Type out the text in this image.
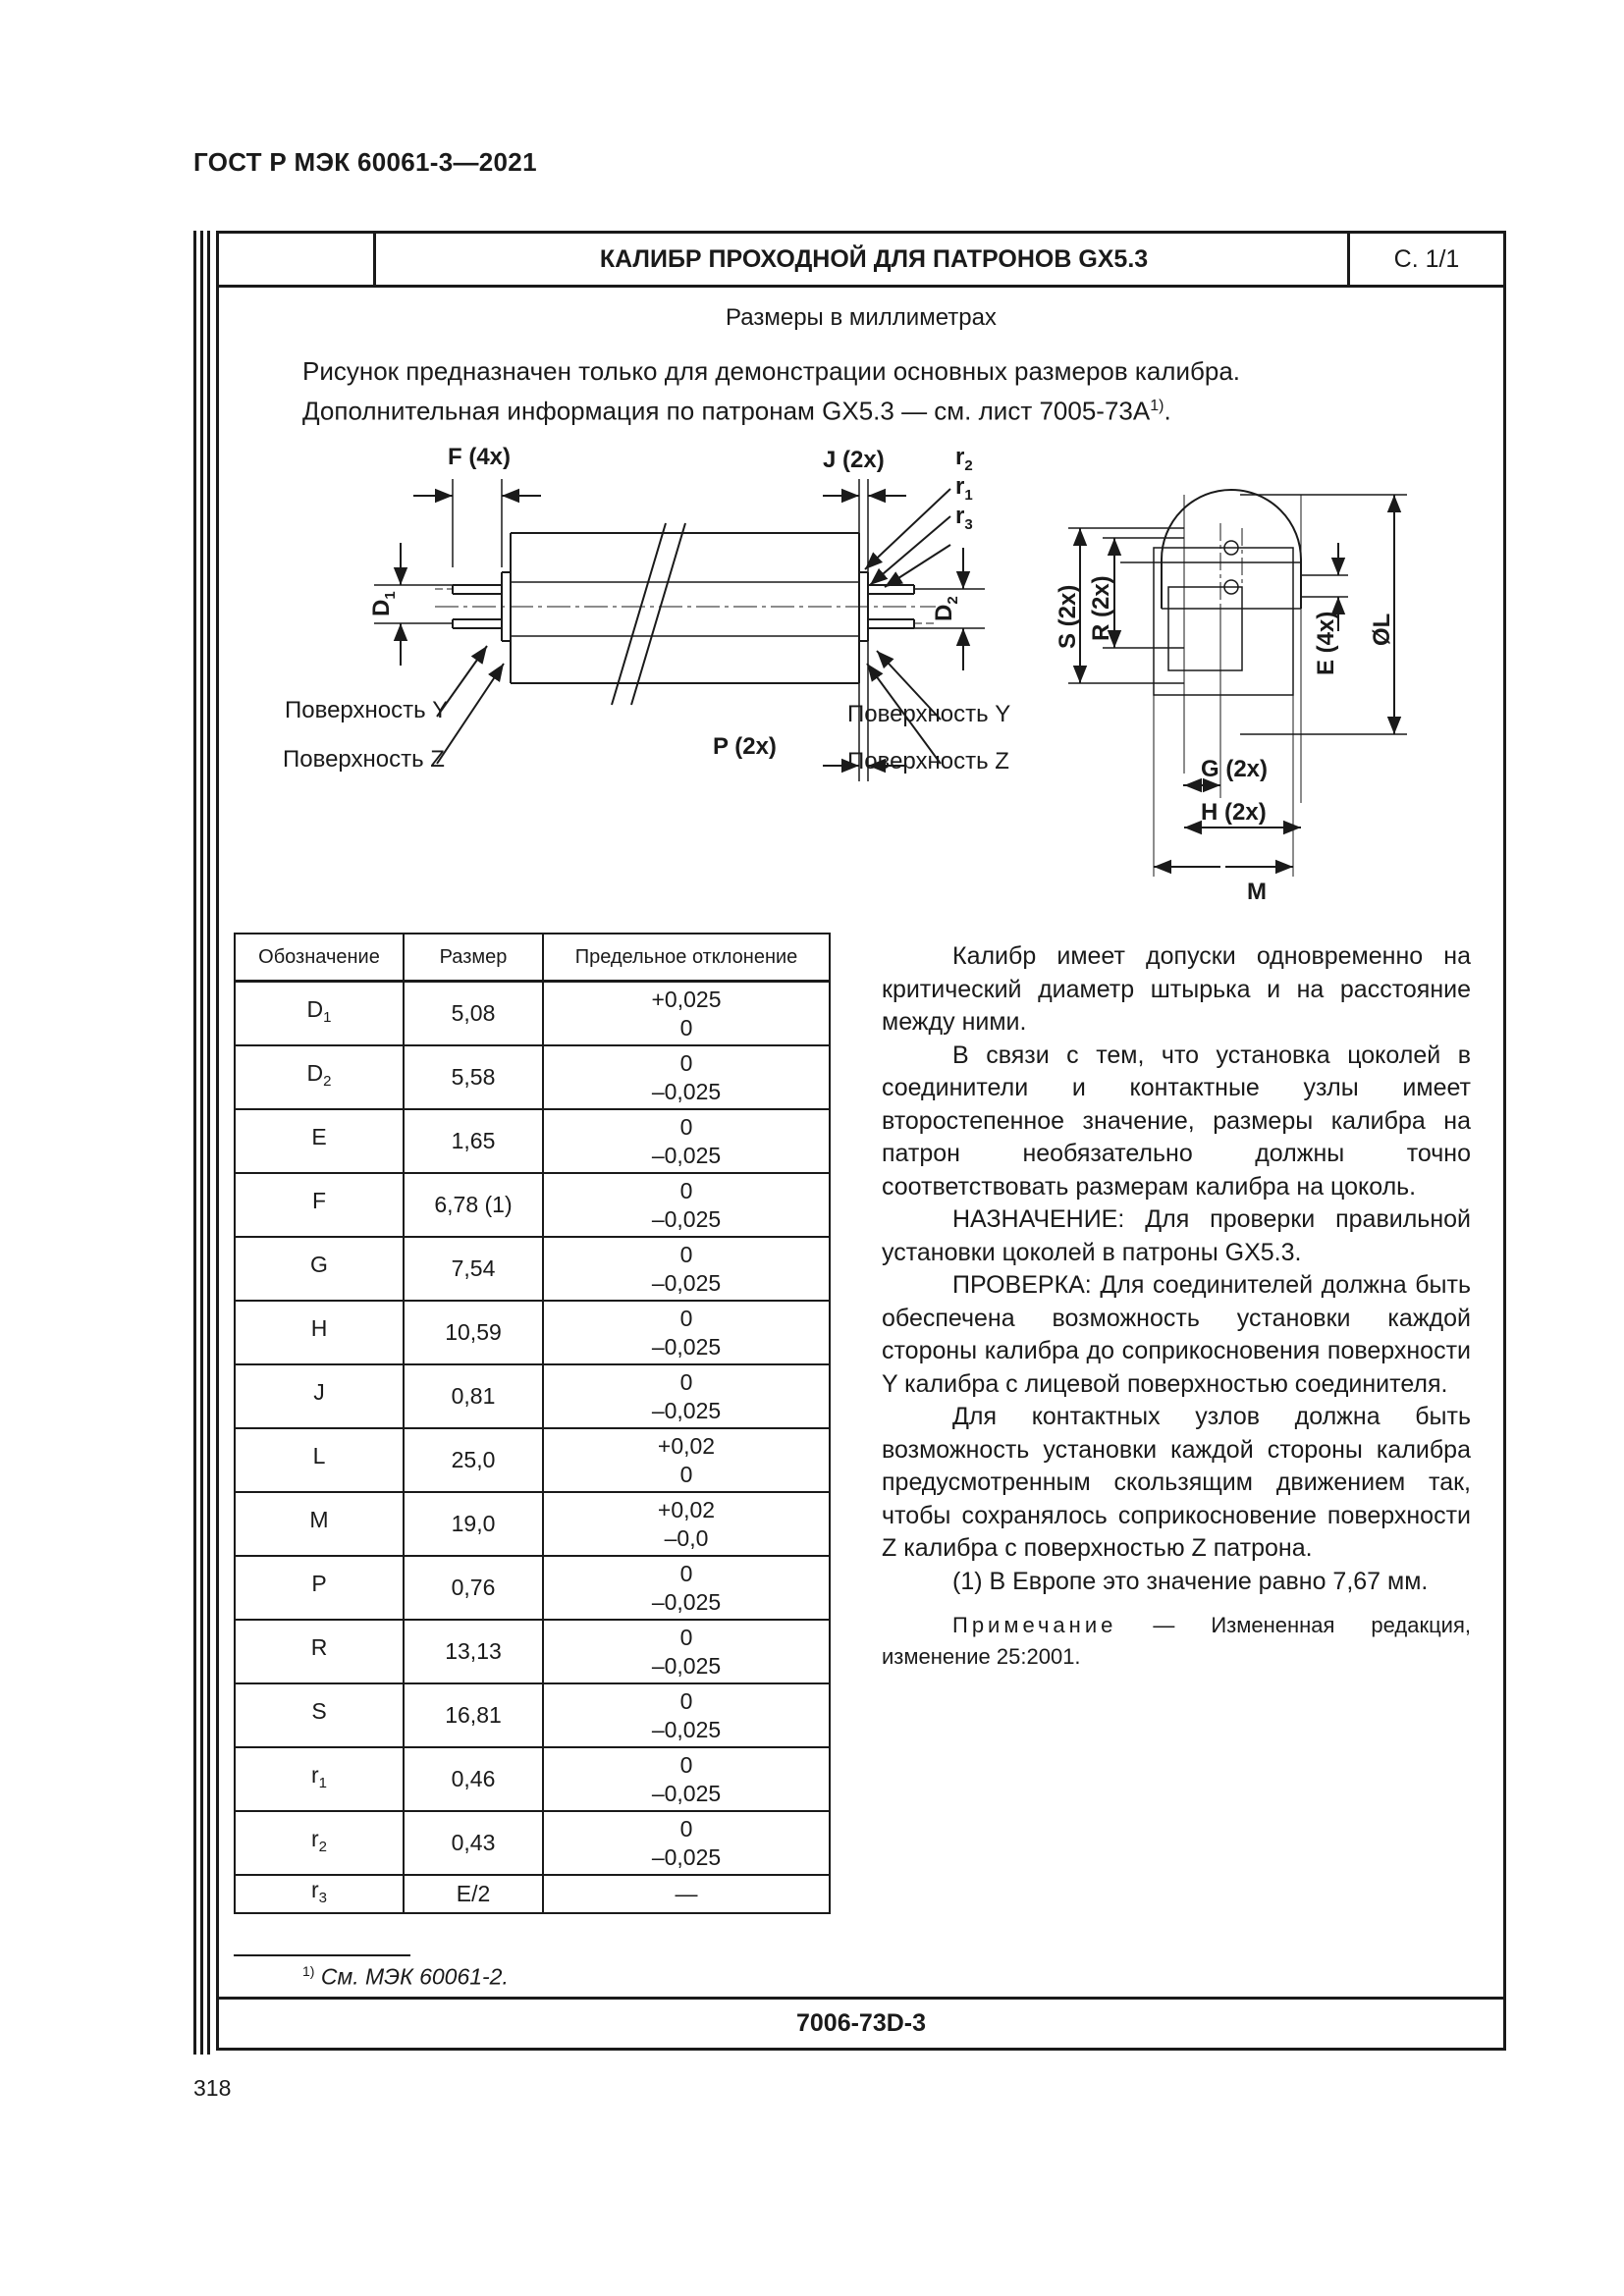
ГОСТ Р МЭК 60061-3—2021
КАЛИБР ПРОХОДНОЙ ДЛЯ ПАТРОНОВ GX5.3	С. 1/1
Размеры в миллиметрах
Рисунок предназначен только для демонстрации основных размеров калибра.
Дополнительная информация по патронам GX5.3 — см. лист $7005-73A^{1)}$.
F (4x)	J (2x)	$r_2$
$r_1$
$r_3$
$D_1$
$D_2$
Поверхность Y
Поверхность Z
Поверхность Y
Поверхность Z
P (2x)
S (2x) R (2x)
E (4x) ØL
G (2x)
H (2x)
M
Обозначение	Размер	Предельное отклонение
$D_1$	5,08	+0,025
0

$D_2$	5,58	0
–0,025

E	1,65	0
–0,025

F	6,78 (1)	0
–0,025

G	7,54	0
–0,025

H	10,59	0
–0,025

J	0,81	0
–0,025

L	25,0	+0,02
0

M	19,0	+0,02
–0,0

P	0,76	0
–0,025

R	13,13	0
–0,025

S	16,81	0
–0,025

$r_1$	0,46	0
–0,025

$r_2$	0,43	0
–0,025

$r_3$	E/2	—

Калибр имеет допуски одновременно на критический диаметр штырька и на расстояние между ними.

В связи с тем, что установка цоколей в соединители и контактные узлы имеет второстепенное значение, размеры калибра на патрон необязательно должны точно соответствовать размерам калибра на цоколь.

НАЗНАЧЕНИЕ: Для проверки правильной установки цоколей в патроны GX5.3.

ПРОВЕРКА: Для соединителей должна быть обеспечена возможность установки каждой стороны калибра до соприкосновения поверхности Y калибра с лицевой поверхностью соединителя.

Для контактных узлов должна быть возможность установки каждой стороны калибра предусмотренным скользящим движением так, чтобы сохранялось соприкосновение поверхности Z калибра с поверхностью Z патрона.

(1) В Европе это значение равно 7,67 мм.

Примечание — Измененная редакция, изменение 25:2001.

$^{1)}$ См. МЭК 60061-2.
7006-73D-3
318
